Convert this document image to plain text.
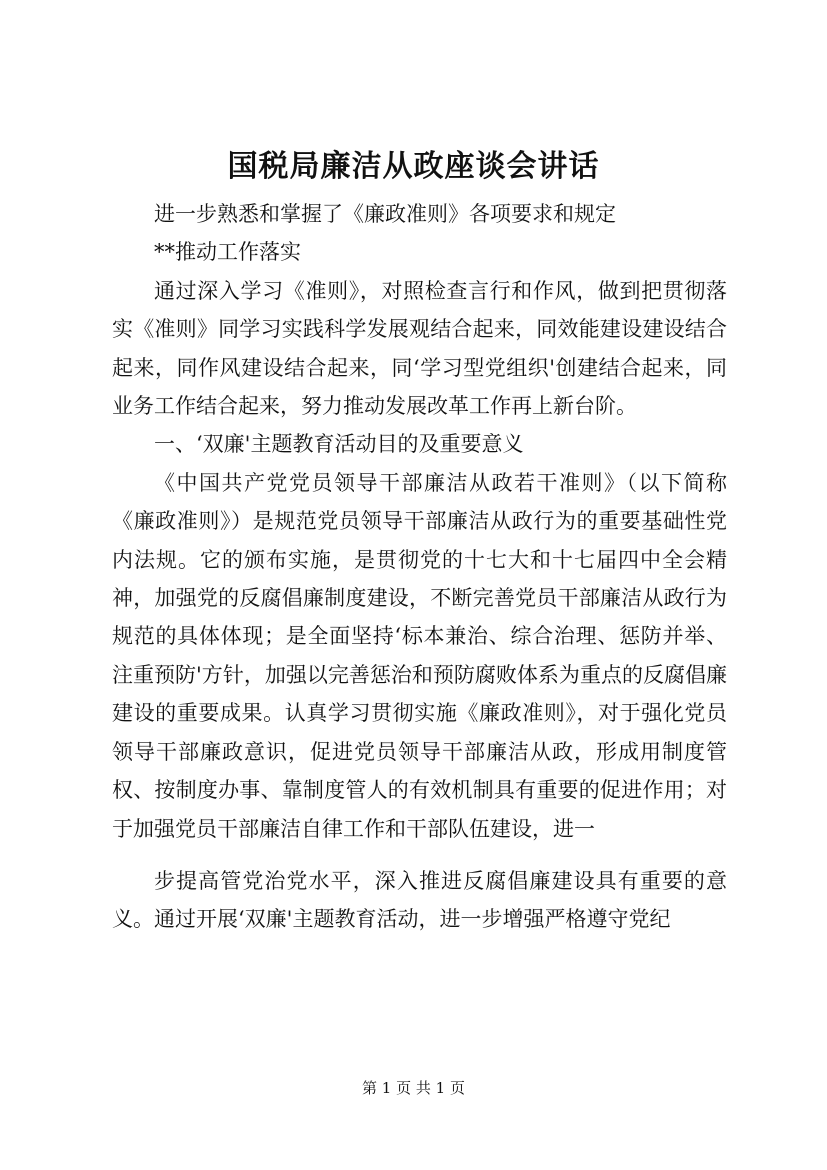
国税局廉洁从政座谈会讲话

进一步熟悉和掌握了《廉政准则》各项要求和规定

**推动工作落实

通过深入学习《准则》，对照检查言行和作风，做到把贯彻落实《准则》同学习实践科学发展观结合起来，同效能建设建设结合起来，同作风建设结合起来，同‘学习型党组织'创建结合起来，同业务工作结合起来，努力推动发展改革工作再上新台阶。

一、‘双廉'主题教育活动目的及重要意义

《中国共产党党员领导干部廉洁从政若干准则》（以下简称《廉政准则》）是规范党员领导干部廉洁从政行为的重要基础性党内法规。它的颁布实施，是贯彻党的十七大和十七届四中全会精神，加强党的反腐倡廉制度建设，不断完善党员干部廉洁从政行为规范的具体体现；是全面坚持‘标本兼治、综合治理、惩防并举、注重预防'方针，加强以完善惩治和预防腐败体系为重点的反腐倡廉建设的重要成果。认真学习贯彻实施《廉政准则》，对于强化党员领导干部廉政意识，促进党员领导干部廉洁从政，形成用制度管权、按制度办事、靠制度管人的有效机制具有重要的促进作用；对于加强党员干部廉洁自律工作和干部队伍建设，进一

步提高管党治党水平，深入推进反腐倡廉建设具有重要的意义。通过开展‘双廉'主题教育活动，进一步增强严格遵守党纪

第 1 页 共 1 页
